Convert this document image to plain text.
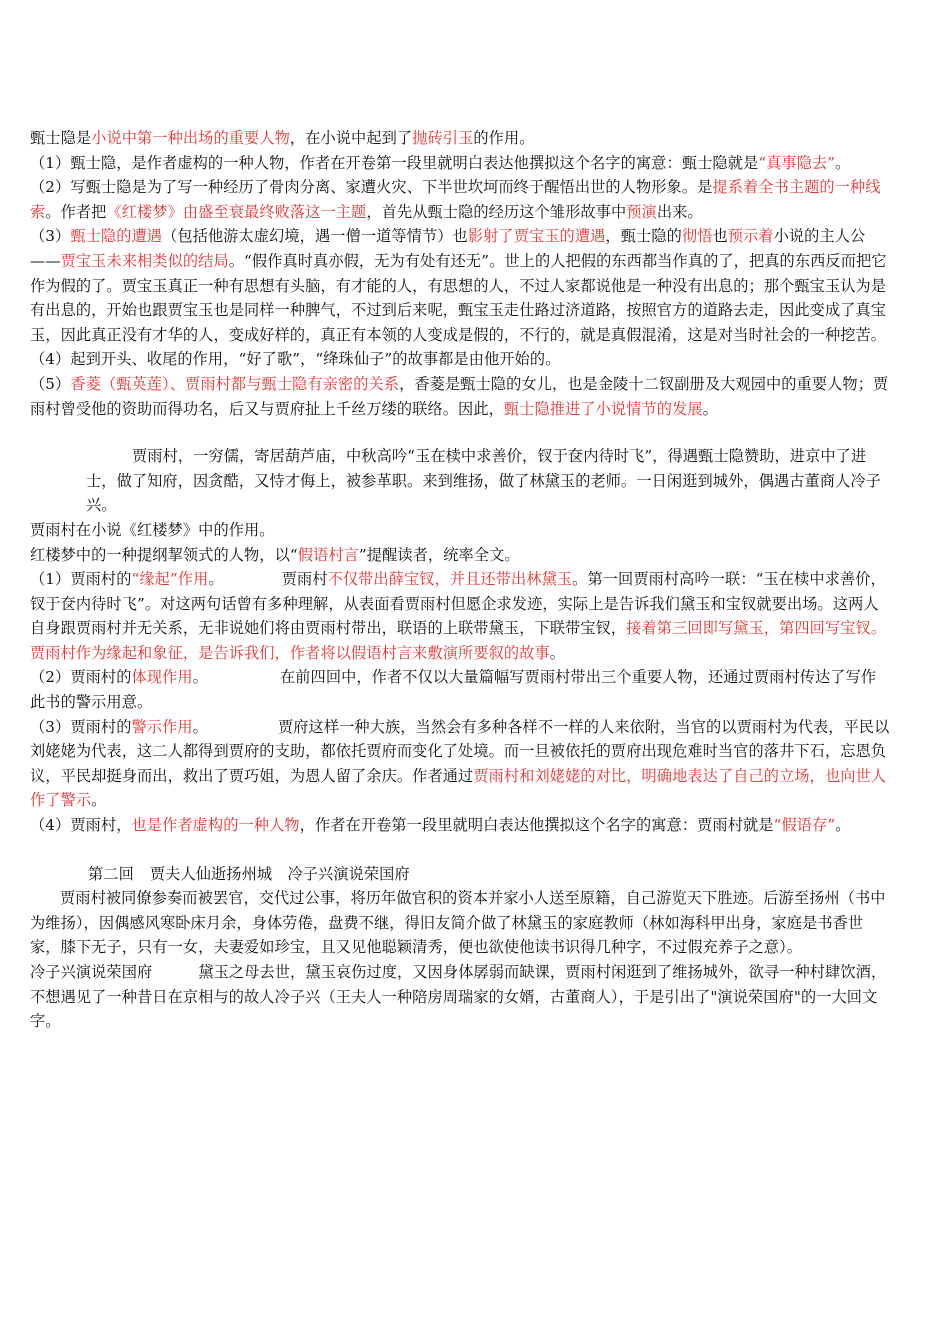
甄士隐是小说中第一种出场的重要人物，在小说中起到了抛砖引玉的作用。

（1）甄士隐，是作者虚构的一种人物，作者在开卷第一段里就明白表达他撰拟这个名字的寓意：甄士隐就是“真事隐去”。

（2）写甄士隐是为了写一种经历了骨肉分离、家遭火灾、下半世坎坷而终于醒悟出世的人物形象。是提系着全书主题的一种线索。作者把《红楼梦》由盛至衰最终败落这一主题，首先从甄士隐的经历这个雏形故事中预演出来。

（3）甄士隐的遭遇（包括他游太虚幻境，遇一僧一道等情节）也影射了贾宝玉的遭遇，甄士隐的彻悟也预示着小说的主人公——贾宝玉未来相类似的结局。“假作真时真亦假，无为有处有还无”。世上的人把假的东西都当作真的了，把真的东西反而把它作为假的了。贾宝玉真正一种有思想有头脑，有才能的人，有思想的人，不过人家都说他是一种没有出息的；那个甄宝玉认为是有出息的，开始也跟贾宝玉也是同样一种脾气，不过到后来呢，甄宝玉走仕路过济道路，按照官方的道路去走，因此变成了真宝玉，因此真正没有才华的人，变成好样的，真正有本领的人变成是假的，不行的，就是真假混淆，这是对当时社会的一种挖苦。

（4）起到开头、收尾的作用，“好了歌”，“绛珠仙子”的故事都是由他开始的。

（5）香菱（甄英莲）、贾雨村都与甄士隐有亲密的关系，香菱是甄士隐的女儿，也是金陵十二钗副册及大观园中的重要人物；贾雨村曾受他的资助而得功名，后又与贾府扯上千丝万缕的联络。因此，甄士隐推进了小说情节的发展。

贾雨村，一穷儒，寄居葫芦庙，中秋高吟“玉在椟中求善价，钗于奁内待时飞”，得遇甄士隐赞助，进京中了进士，做了知府，因贪酷，又恃才侮上，被参革职。来到维扬，做了林黛玉的老师。一日闲逛到城外，偶遇古董商人冷子兴。

贾雨村在小说《红楼梦》中的作用。

红楼梦中的一种提纲挈领式的人物，以“假语村言”提醒读者，统率全文。

（1）贾雨村的“缘起”作用。	贾雨村不仅带出薛宝钗，并且还带出林黛玉。第一回贾雨村高吟一联：“玉在椟中求善价，钗于奁内待时飞”。对这两句话曾有多种理解，从表面看贾雨村但愿企求发迹，实际上是告诉我们黛玉和宝钗就要出场。这两人自身跟贾雨村并无关系，无非说她们将由贾雨村带出，联语的上联带黛玉，下联带宝钗，接着第三回即写黛玉，第四回写宝钗。贾雨村作为缘起和象征，是告诉我们，作者将以假语村言来敷演所要叙的故事。

（2）贾雨村的体现作用。	在前四回中，作者不仅以大量篇幅写贾雨村带出三个重要人物，还通过贾雨村传达了写作此书的警示用意。

（3）贾雨村的警示作用。	贾府这样一种大族，当然会有多种各样不一样的人来依附，当官的以贾雨村为代表，平民以刘姥姥为代表，这二人都得到贾府的支助，都依托贾府而变化了处境。而一旦被依托的贾府出现危难时当官的落井下石，忘恩负议，平民却挺身而出，救出了贾巧姐，为恩人留了余庆。作者通过贾雨村和刘姥姥的对比，明确地表达了自己的立场，也向世人作了警示。

（4）贾雨村，也是作者虚构的一种人物，作者在开卷第一段里就明白表达他撰拟这个名字的寓意：贾雨村就是“假语存”。

第二回 贾夫人仙逝扬州城　冷子兴演说荣国府

贾雨村被同僚参奏而被罢官，交代过公事，将历年做官积的资本并家小人送至原籍，自己游览天下胜迹。后游至扬州（书中为维扬），因偶感风寒卧床月余，身体劳倦，盘费不继，得旧友简介做了林黛玉的家庭教师（林如海科甲出身，家庭是书香世家，膝下无子，只有一女，夫妻爱如珍宝，且又见他聪颖清秀，便也欲使他读书识得几种字，不过假充养子之意）。

冷子兴演说荣国府	黛玉之母去世，黛玉哀伤过度，又因身体孱弱而缺课，贾雨村闲逛到了维扬城外，欲寻一种村肆饮酒，不想遇见了一种昔日在京相与的故人冷子兴（王夫人一种陪房周瑞家的女婿，古董商人），于是引出了"演说荣国府"的一大回文字。
